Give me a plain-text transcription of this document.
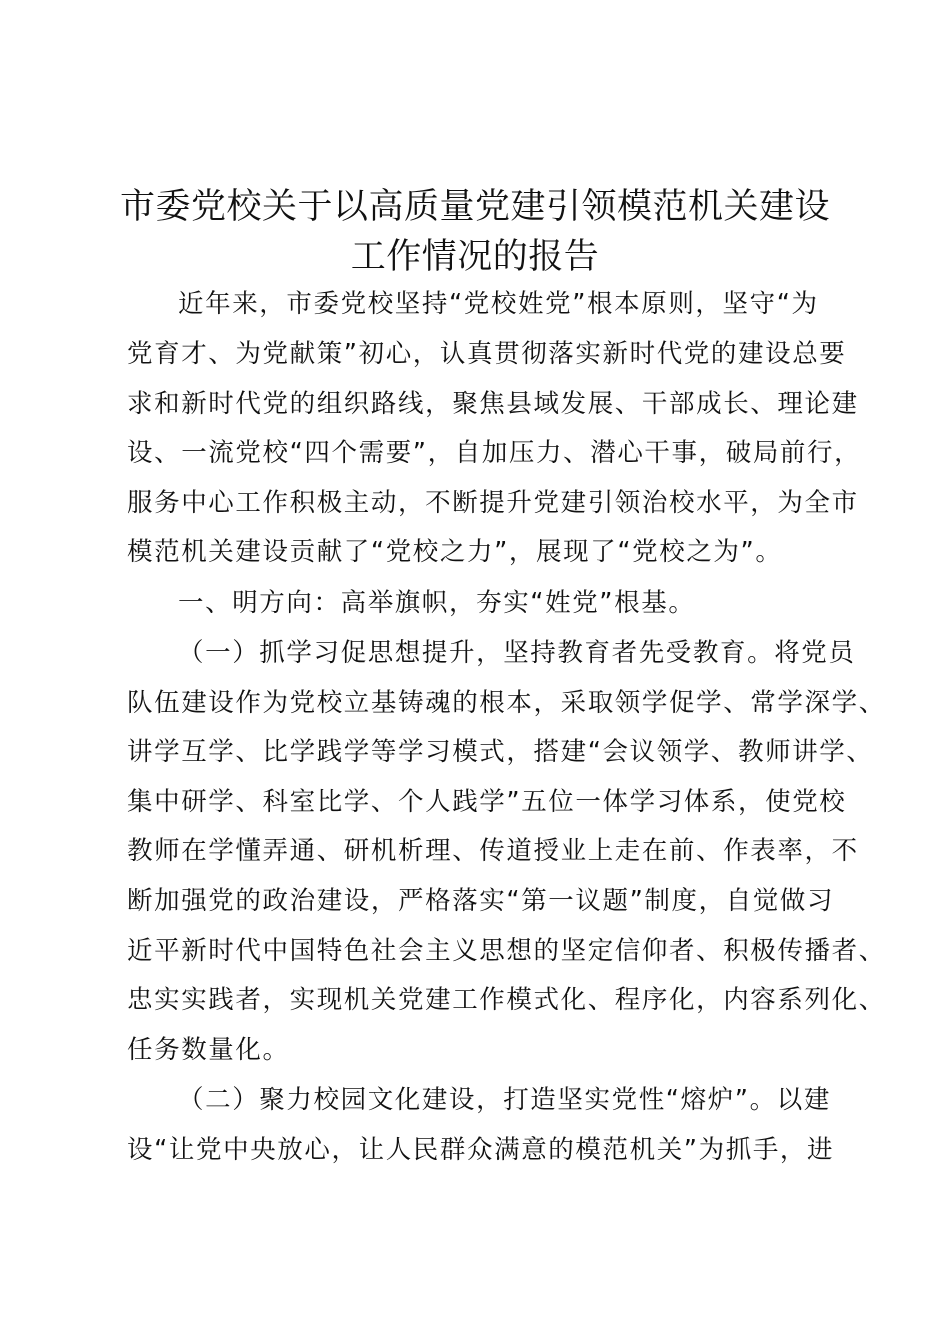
市委党校关于以高质量党建引领模范机关建设
工作情况的报告
近年来，市委党校坚持“党校姓党”根本原则，坚守“为
党育才、为党献策”初心，认真贯彻落实新时代党的建设总要
求和新时代党的组织路线，聚焦县域发展、干部成长、理论建
设、一流党校“四个需要”，自加压力、潜心干事，破局前行，
服务中心工作积极主动，不断提升党建引领治校水平，为全市
模范机关建设贡献了“党校之力”，展现了“党校之为”。
一、明方向：高举旗帜，夯实“姓党”根基。
（一）抓学习促思想提升，坚持教育者先受教育。将党员
队伍建设作为党校立基铸魂的根本，采取领学促学、常学深学、
讲学互学、比学践学等学习模式，搭建“会议领学、教师讲学、
集中研学、科室比学、个人践学”五位一体学习体系，使党校
教师在学懂弄通、研机析理、传道授业上走在前、作表率，不
断加强党的政治建设，严格落实“第一议题”制度，自觉做习
近平新时代中国特色社会主义思想的坚定信仰者、积极传播者、
忠实实践者，实现机关党建工作模式化、程序化，内容系列化、
任务数量化。
（二）聚力校园文化建设，打造坚实党性“熔炉”。以建
设“让党中央放心，让人民群众满意的模范机关”为抓手，进
